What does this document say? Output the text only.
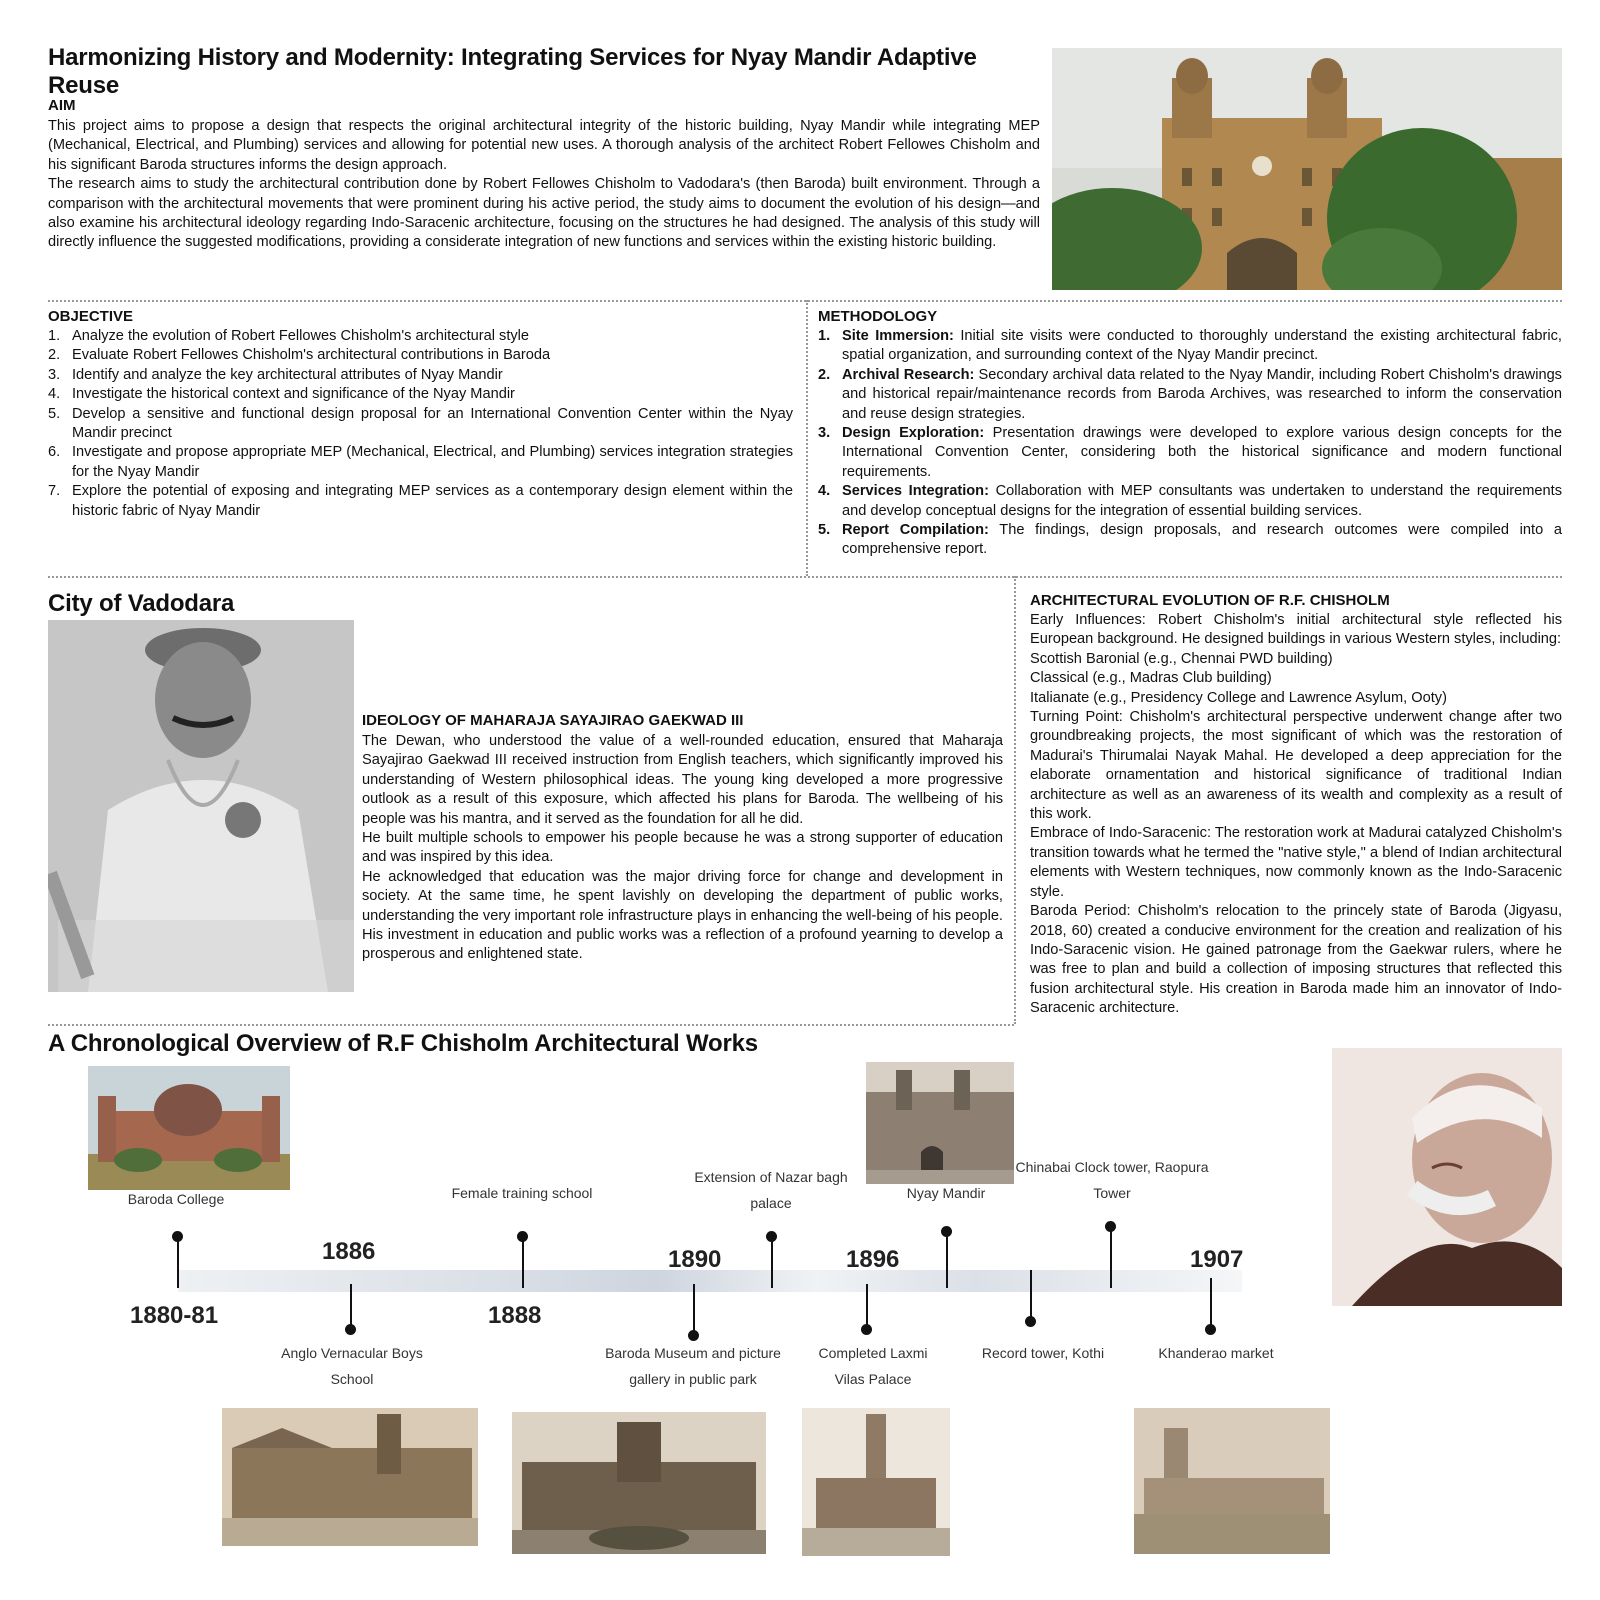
Harmonizing History and Modernity: Integrating Services for Nyay Mandir Adaptive Reuse
AIM

This project aims to propose a design that respects the original architectural integrity of the historic building, Nyay Mandir while integrating MEP (Mechanical, Electrical, and Plumbing) services and allowing for potential new uses. A thorough analysis of the architect Robert Fellowes Chisholm and his significant Baroda structures informs the design approach.

The research aims to study the architectural contribution done by Robert Fellowes Chisholm to Vadodara's (then Baroda) built environment. Through a comparison with the architectural movements that were prominent during his active period, the study aims to document the evolution of his design—and also examine his architectural ideology regarding Indo-Saracenic architecture, focusing on the structures he had designed. The analysis of this study will directly influence the suggested modifications, providing a considerate integration of new functions and services within the existing historic building.

OBJECTIVE
1. Analyze the evolution of Robert Fellowes Chisholm's architectural style
2. Evaluate Robert Fellowes Chisholm's architectural contributions in Baroda
3. Identify and analyze the key architectural attributes of Nyay Mandir
4. Investigate the historical context and significance of the Nyay Mandir
5. Develop a sensitive and functional design proposal for an International Convention Center within the Nyay Mandir precinct
6. Investigate and propose appropriate MEP (Mechanical, Electrical, and Plumbing) services integration strategies for the Nyay Mandir
7. Explore the potential of exposing and integrating MEP services as a contemporary design element within the historic fabric of Nyay Mandir
METHODOLOGY
1. Site Immersion: Initial site visits were conducted to thoroughly understand the existing architectural fabric, spatial organization, and surrounding context of the Nyay Mandir precinct.
2. Archival Research: Secondary archival data related to the Nyay Mandir, including Robert Chisholm's drawings and historical repair/maintenance records from Baroda Archives, was researched to inform the conservation and reuse design strategies.
3. Design Exploration: Presentation drawings were developed to explore various design concepts for the International Convention Center, considering both the historical significance and modern functional requirements.
4. Services Integration: Collaboration with MEP consultants was undertaken to understand the requirements and develop conceptual designs for the integration of essential building services.
5. Report Compilation: The findings, design proposals, and research outcomes were compiled into a comprehensive report.
City of Vadodara
IDEOLOGY OF MAHARAJA SAYAJIRAO GAEKWAD III

The Dewan, who understood the value of a well-rounded education, ensured that Maharaja Sayajirao Gaekwad III received instruction from English teachers, which significantly improved his understanding of Western philosophical ideas. The young king developed a more progressive outlook as a result of this exposure, which affected his plans for Baroda. The wellbeing of his people was his mantra, and it served as the foundation for all he did.

He built multiple schools to empower his people because he was a strong supporter of education and was inspired by this idea.

He acknowledged that education was the major driving force for change and development in society. At the same time, he spent lavishly on developing the department of public works, understanding the very important role infrastructure plays in enhancing the well-being of his people. His investment in education and public works was a reflection of a profound yearning to develop a prosperous and enlightened state.

ARCHITECTURAL EVOLUTION OF R.F. CHISHOLM

Early Influences: Robert Chisholm's initial architectural style reflected his European background. He designed buildings in various Western styles, including:

Scottish Baronial (e.g., Chennai PWD building)

Classical (e.g., Madras Club building)

Italianate (e.g., Presidency College and Lawrence Asylum, Ooty)

Turning Point: Chisholm's architectural perspective underwent change after two groundbreaking projects, the most significant of which was the restoration of Madurai's Thirumalai Nayak Mahal. He developed a deep appreciation for the elaborate ornamentation and historical significance of traditional Indian architecture as well as an awareness of its wealth and complexity as a result of this work.

Embrace of Indo-Saracenic: The restoration work at Madurai catalyzed Chisholm's transition towards what he termed the "native style," a blend of Indian architectural elements with Western techniques, now commonly known as the Indo-Saracenic style.

Baroda Period: Chisholm's relocation to the princely state of Baroda (Jigyasu, 2018, 60) created a conducive environment for the creation and realization of his Indo-Saracenic vision. He gained patronage from the Gaekwar rulers, where he was free to plan and build a collection of imposing structures that reflected this fusion architectural style. His creation in Baroda made him an innovator of Indo-Saracenic architecture.

A Chronological Overview of R.F Chisholm Architectural Works
1880-81
1886
1888
1890	1896	1907
Baroda College	Female training school
Extension of Nazar bagh palace
Nyay Mandir
Chinabai Clock tower, Raopura Tower
Anglo Vernacular Boys School
Baroda Museum and picture gallery in public park
Completed Laxmi Vilas Palace
Record tower, Kothi	Khanderao market
